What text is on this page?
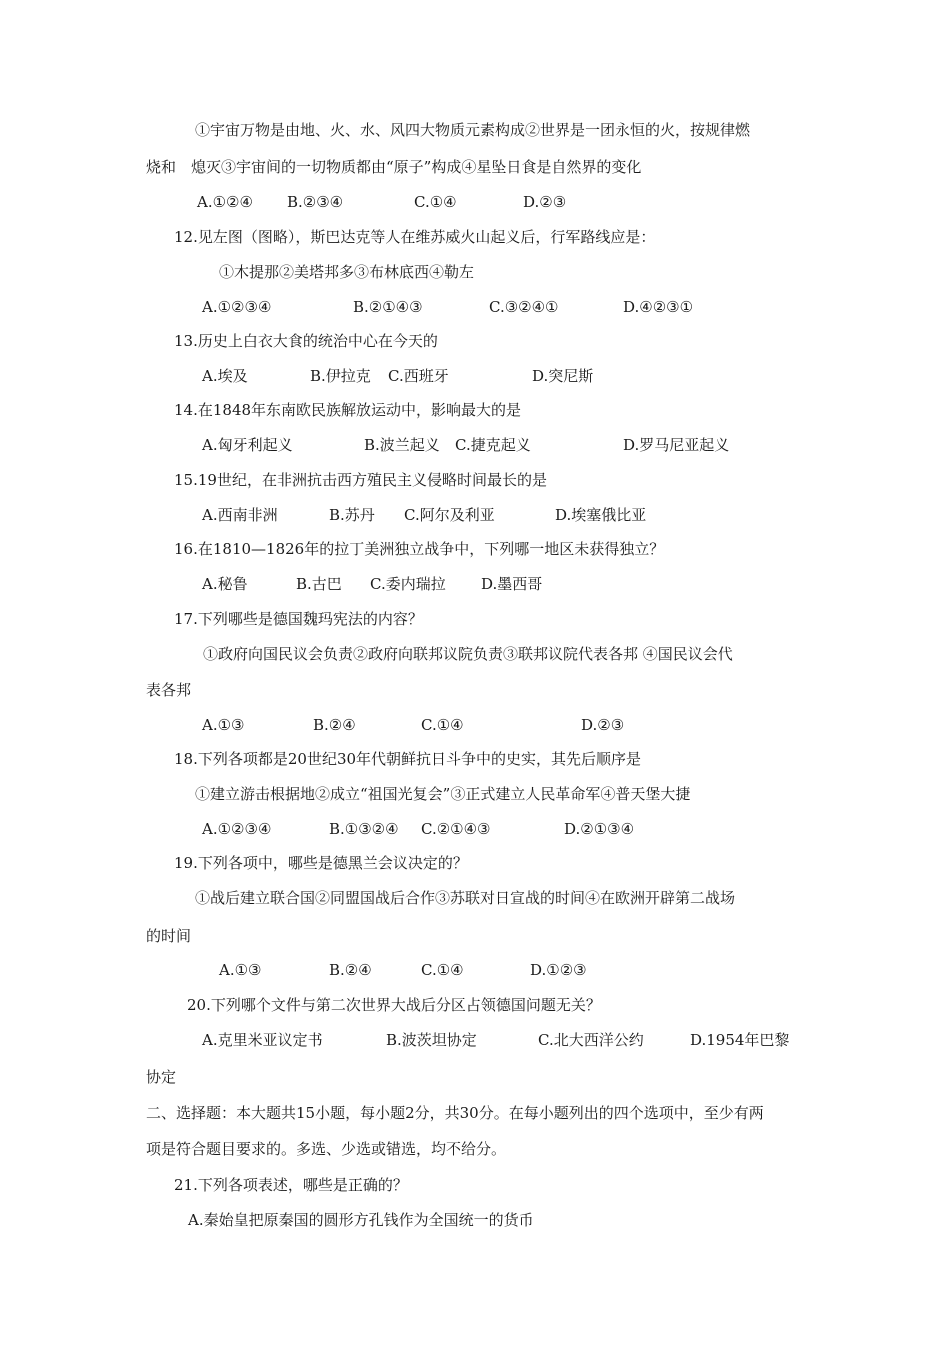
①宇宙万物是由地、火、水、风四大物质元素构成②世界是一团永恒的火，按规律燃
烧和　熄灭③宇宙间的一切物质都由“原子”构成④星坠日食是自然界的变化
A.①②④ B.②③④	C.①④	D.②③
12.见左图（图略），斯巴达克等人在维苏威火山起义后，行军路线应是：
①木提那②美塔邦多③布林底西④勒左
A.①②③④	B.②①④③	C.③②④①	D.④②③①
13.历史上白衣大食的统治中心在今天的
A.埃及	B.伊拉克 C.西班牙	D.突尼斯
14.在1848年东南欧民族解放运动中，影响最大的是
A.匈牙利起义	B.波兰起义 C.捷克起义	D.罗马尼亚起义
15.19世纪，在非洲抗击西方殖民主义侵略时间最长的是
A.西南非洲	B.苏丹 C.阿尔及利亚	D.埃塞俄比亚
16.在1810—1826年的拉丁美洲独立战争中，下列哪一地区未获得独立？
A.秘鲁	B.古巴 C.委内瑞拉 D.墨西哥
17.下列哪些是德国魏玛宪法的内容？
①政府向国民议会负责②政府向联邦议院负责③联邦议院代表各邦 ④国民议会代
表各邦
A.①③	B.②④	C.①④	D.②③
18.下列各项都是20世纪30年代朝鲜抗日斗争中的史实，其先后顺序是
①建立游击根据地②成立“祖国光复会”③正式建立人民革命军④普天堡大捷
A.①②③④	B.①③②④ C.②①④③	D.②①③④
19.下列各项中，哪些是德黑兰会议决定的？
①战后建立联合国②同盟国战后合作③苏联对日宣战的时间④在欧洲开辟第二战场
的时间
A.①③	B.②④	C.①④	D.①②③
20.下列哪个文件与第二次世界大战后分区占领德国问题无关？
A.克里米亚议定书	B.波茨坦协定	C.北大西洋公约	D.1954年巴黎
协定
二、选择题：本大题共15小题，每小题2分，共30分。在每小题列出的四个选项中，至少有两
项是符合题目要求的。多选、少选或错选，均不给分。
21.下列各项表述，哪些是正确的？
A.秦始皇把原秦国的圆形方孔钱作为全国统一的货币
